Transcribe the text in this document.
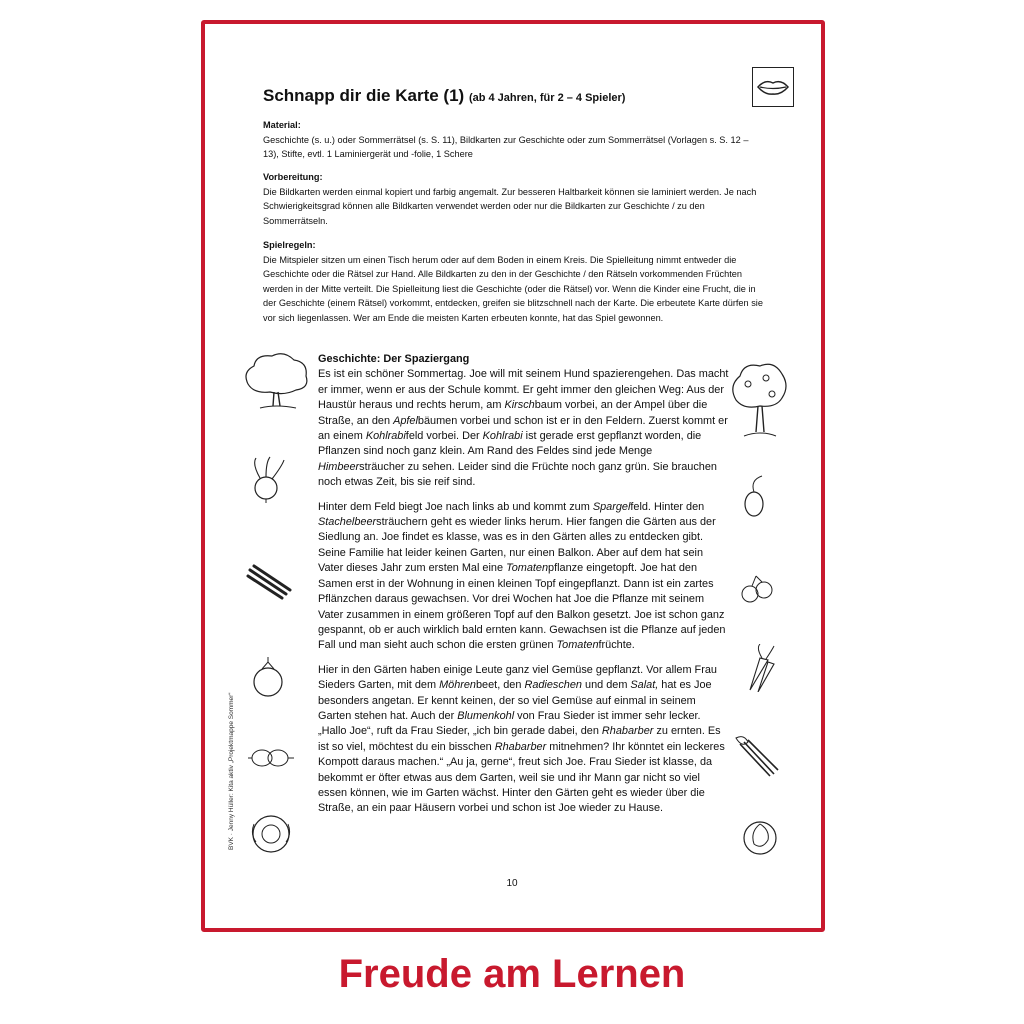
Schnapp dir die Karte (1) (ab 4 Jahren, für 2 – 4 Spieler)
Material:
Geschichte (s. u.) oder Sommerrätsel (s. S. 11), Bildkarten zur Geschichte oder zum Sommerrätsel (Vorlagen s. S. 12 – 13), Stifte, evtl. 1 Laminiergerät und -folie, 1 Schere
Vorbereitung:
Die Bildkarten werden einmal kopiert und farbig angemalt. Zur besseren Haltbarkeit können sie laminiert werden. Je nach Schwierigkeitsgrad können alle Bildkarten verwendet werden oder nur die Bildkarten zur Geschichte / zu den Sommerrätseln.
Spielregeln:
Die Mitspieler sitzen um einen Tisch herum oder auf dem Boden in einem Kreis. Die Spielleitung nimmt entweder die Geschichte oder die Rätsel zur Hand. Alle Bildkarten zu den in der Geschichte / den Rätseln vorkommenden Früchten werden in der Mitte verteilt. Die Spielleitung liest die Geschichte (oder die Rätsel) vor. Wenn die Kinder eine Frucht, die in der Geschichte (einem Rätsel) vorkommt, entdecken, greifen sie blitzschnell nach der Karte. Die erbeutete Karte dürfen sie vor sich liegenlassen. Wer am Ende die meisten Karten erbeuten konnte, hat das Spiel gewonnen.
Geschichte: Der Spaziergang

Es ist ein schöner Sommertag. Joe will mit seinem Hund spazierengehen. Das macht er immer, wenn er aus der Schule kommt. Er geht immer den gleichen Weg: Aus der Haustür heraus und rechts herum, am Kirschbaum vorbei, an der Ampel über die Straße, an den Apfelbäumen vorbei und schon ist er in den Feldern. Zuerst kommt er an einem Kohlrabifeld vorbei. Der Kohlrabi ist gerade erst gepflanzt worden, die Pflanzen sind noch ganz klein. Am Rand des Feldes sind jede Menge Himbeersträucher zu sehen. Leider sind die Früchte noch ganz grün. Sie brauchen noch etwas Zeit, bis sie reif sind.

Hinter dem Feld biegt Joe nach links ab und kommt zum Spargelfeld. Hinter den Stachelbeersträuchern geht es wieder links herum. Hier fangen die Gärten aus der Siedlung an. Joe findet es klasse, was es in den Gärten alles zu entdecken gibt. Seine Familie hat leider keinen Garten, nur einen Balkon. Aber auf dem hat sein Vater dieses Jahr zum ersten Mal eine Tomatenpflanze eingetopft. Joe hat den Samen erst in der Wohnung in einen kleinen Topf eingepflanzt. Dann ist ein zartes Pflänzchen daraus gewachsen. Vor drei Wochen hat Joe die Pflanze mit seinem Vater zusammen in einem größeren Topf auf den Balkon gesetzt. Joe ist schon ganz gespannt, ob er auch wirklich bald ernten kann. Gewachsen ist die Pflanze auf jeden Fall und man sieht auch schon die ersten grünen Tomatenfrüchte.

Hier in den Gärten haben einige Leute ganz viel Gemüse gepflanzt. Vor allem Frau Sieders Garten, mit dem Möhrenbeet, den Radieschen und dem Salat, hat es Joe besonders angetan. Er kennt keinen, der so viel Gemüse auf einmal in seinem Garten stehen hat. Auch der Blumenkohl von Frau Sieder ist immer sehr lecker. „Hallo Joe“, ruft da Frau Sieder, „ich bin gerade dabei, den Rhabarber zu ernten. Es ist so viel, möchtest du ein bisschen Rhabarber mitnehmen? Ihr könntet ein leckeres Kompott daraus machen.“ „Au ja, gerne“, freut sich Joe. Frau Sieder ist klasse, da bekommt er öfter etwas aus dem Garten, weil sie und ihr Mann gar nicht so viel essen können, wie im Garten wächst. Hinter den Gärten geht es wieder über die Straße, an ein paar Häusern vorbei und schon ist Joe wieder zu Hause.

BVK · Jenny Hüller: Kita aktiv „Projektmappe Sommer“
10
Freude am Lernen
